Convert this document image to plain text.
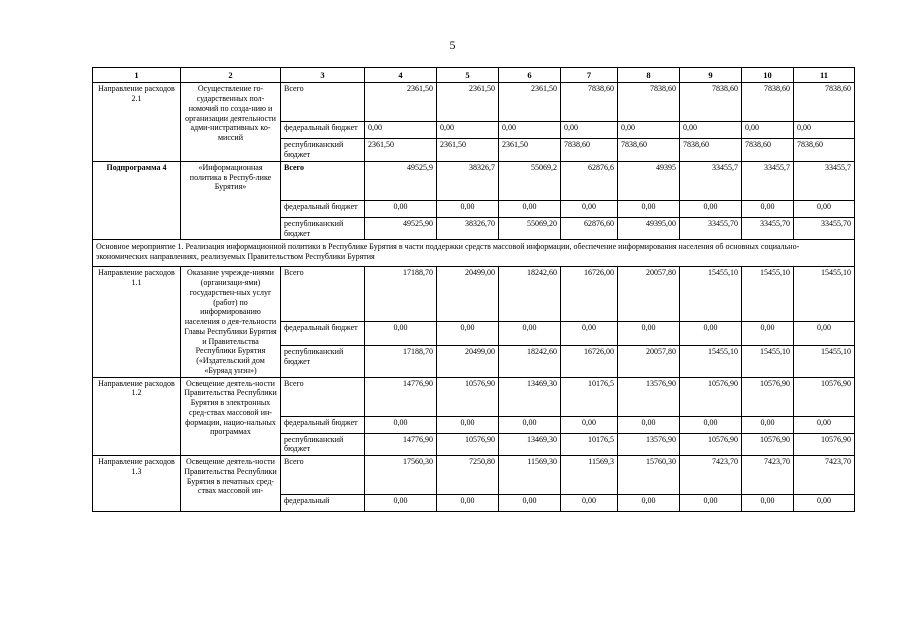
5
1	2	3	4	5	6	7	8	9	10	11
Направление расходов 2.1	Осуществление го-сударственных пол-номочий по созда-нию и организации деятельности адми-нистративных ко-миссий	Всего	2361,50	2361,50	2361,50	7838,60	7838,60	7838,60	7838,60	7838,60
		федеральный бюджет	0,00	0,00	0,00	0,00	0,00	0,00	0,00	0,00
		республиканский бюджет	2361,50	2361,50	2361,50	7838,60	7838,60	7838,60	7838,60	7838,60
Подпрограмма 4	«Информационная политика в Респуб-лике Бурятия»	Всего	49525,9	38326,7	55069,2	62876,6	49395	33455,7	33455,7	33455,7
		федеральный бюджет	0,00	0,00	0,00	0,00	0,00	0,00	0,00	0,00
		республиканский бюджет	49525,90	38326,70	55069,20	62876,60	49395,00	33455,70	33455,70	33455,70
Основное мероприятие 1. Реализация информационной политики в Республике Бурятия в части поддержки средств массовой информации, обеспечение информирования населения об основных социально-экономических направлениях, реализуемых Правительством Республики Бурятия										
Направление расходов 1.1	Оказание учрежде-ниями (организаци-ями) государствен-ных услуг (работ) по информированию населения о дея-тельности Главы Республики Бурятия и Правительства Республики Бурятия («Издательский дом «Буряад унэн»)	Всего	17188,70	20499,00	18242,60	16726,00	20057,80	15455,10	15455,10	15455,10
		федеральный бюджет	0,00	0,00	0,00	0,00	0,00	0,00	0,00	0,00
		республиканский бюджет	17188,70	20499,00	18242,60	16726,00	20057,80	15455,10	15455,10	15455,10
Направление расходов 1.2	Освещение деятель-ности Правительства Республики Бурятия в электронных сред-ствах массовой ин-формации, нацио-нальных программах	Всего	14776,90	10576,90	13469,30	10176,5	13576,90	10576,90	10576,90	10576,90
		федеральный бюджет	0,00	0,00	0,00	0,00	0,00	0,00	0,00	0,00
		республиканский бюджет	14776,90	10576,90	13469,30	10176,5	13576,90	10576,90	10576,90	10576,90
Направление расходов 1.3	Освещение деятель-ности Правительства Республики Бурятия в печатных сред-ствах массовой ин-	Всего	17560,30	7250,80	11569,30	11569,3	15760,30	7423,70	7423,70	7423,70
		федеральный	0,00	0,00	0,00	0,00	0,00	0,00	0,00	0,00
